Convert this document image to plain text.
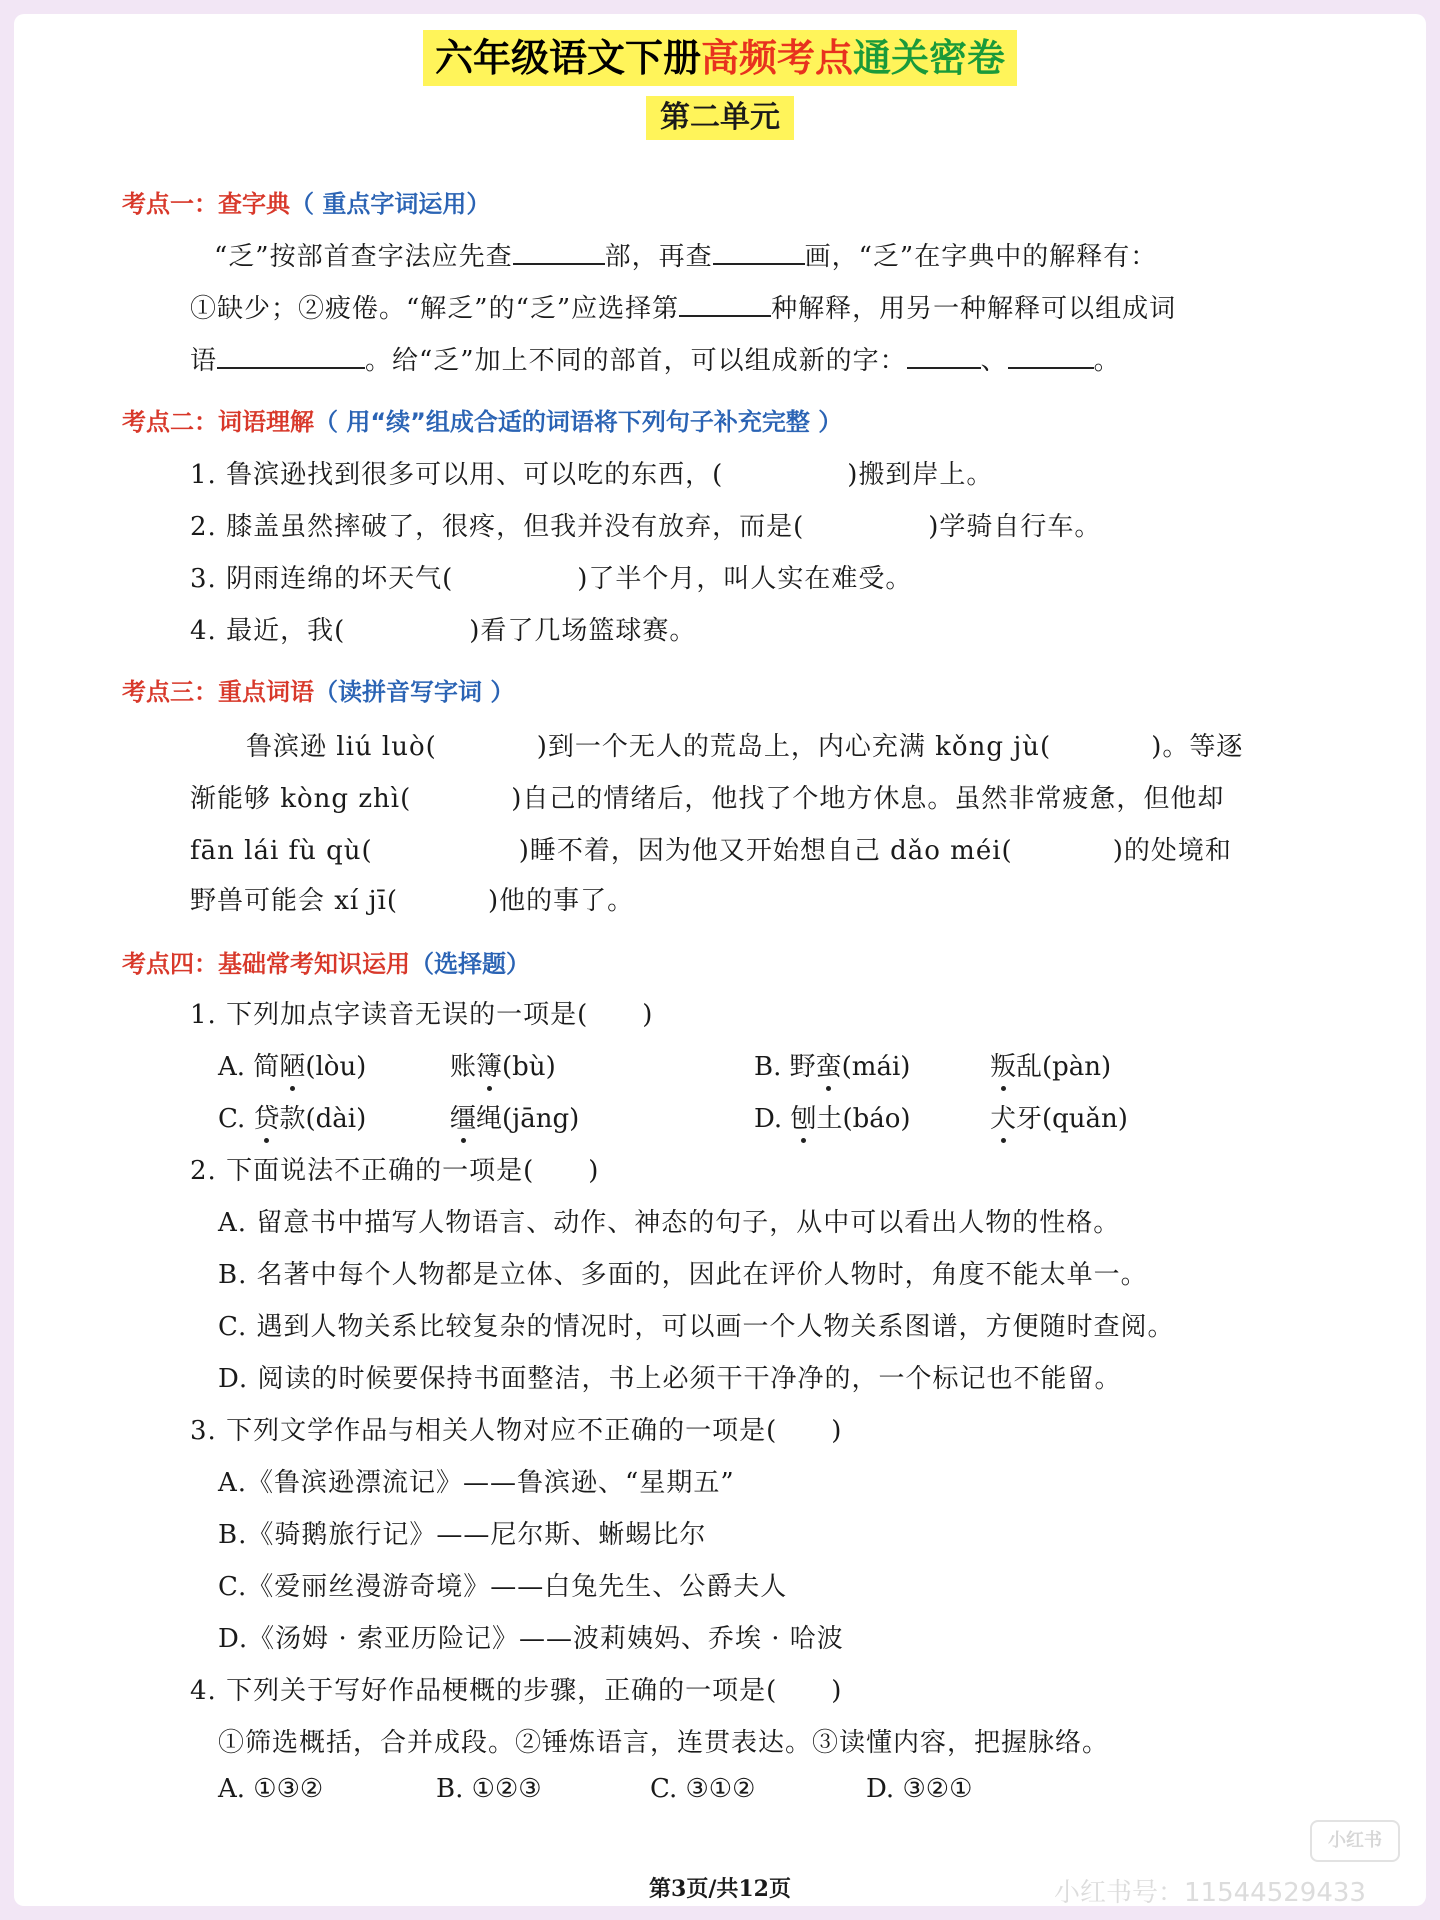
六年级语文下册高频考点通关密卷
第二单元
考点一：查字典（ 重点字词运用）
“乏”按部首查字法应先查	部，再查	画，“乏”在字典中的解释有：
①缺少；②疲倦。“解乏”的“乏”应选择第	种解释，用另一种解释可以组成词
语	。给“乏”加上不同的部首，可以组成新的字：	、	。
考点二：词语理解（ 用“续”组成合适的词语将下列句子补充完整 ）
1. 鲁滨逊找到很多可以用、可以吃的东西，(	)搬到岸上。
2. 膝盖虽然摔破了，很疼，但我并没有放弃，而是(	)学骑自行车。
3. 阴雨连绵的坏天气(	)了半个月，叫人实在难受。
4. 最近，我(	)看了几场篮球赛。
考点三：重点词语（读拼音写字词 ）
鲁滨逊 liú luò(	)到一个无人的荒岛上，内心充满 kǒng jù(	)。等逐
渐能够 kòng zhì(	)自己的情绪后，他找了个地方休息。虽然非常疲惫，但他却
fān lái fù qù(	)睡不着，因为他又开始想自己 dǎo méi(	)的处境和
野兽可能会 xí jī(	)他的事了。
考点四：基础常考知识运用（选择题）
1. 下列加点字读音无误的一项是(　　)
A. 简陋(lòu)	账簿(bù)	B. 野蛮(mái)	叛乱(pàn)
C. 贷款(dài)	缰绳(jāng)	D. 刨土(báo)	犬牙(quǎn)
2. 下面说法不正确的一项是(　　)
A. 留意书中描写人物语言、动作、神态的句子，从中可以看出人物的性格。
B. 名著中每个人物都是立体、多面的，因此在评价人物时，角度不能太单一。
C. 遇到人物关系比较复杂的情况时，可以画一个人物关系图谱，方便随时查阅。
D. 阅读的时候要保持书面整洁，书上必须干干净净的，一个标记也不能留。
3. 下列文学作品与相关人物对应不正确的一项是(　　)
A.《鲁滨逊漂流记》——鲁滨逊、“星期五”
B.《骑鹅旅行记》——尼尔斯、蜥蜴比尔
C.《爱丽丝漫游奇境》——白兔先生、公爵夫人
D.《汤姆 · 索亚历险记》——波莉姨妈、乔埃 · 哈波
4. 下列关于写好作品梗概的步骤，正确的一项是(　　)
①筛选概括，合并成段。②锤炼语言，连贯表达。③读懂内容，把握脉络。
A. ①③②	B. ①②③	C. ③①②	D. ③②①
小红书
第3页/共12页	小红书号：11544529433
